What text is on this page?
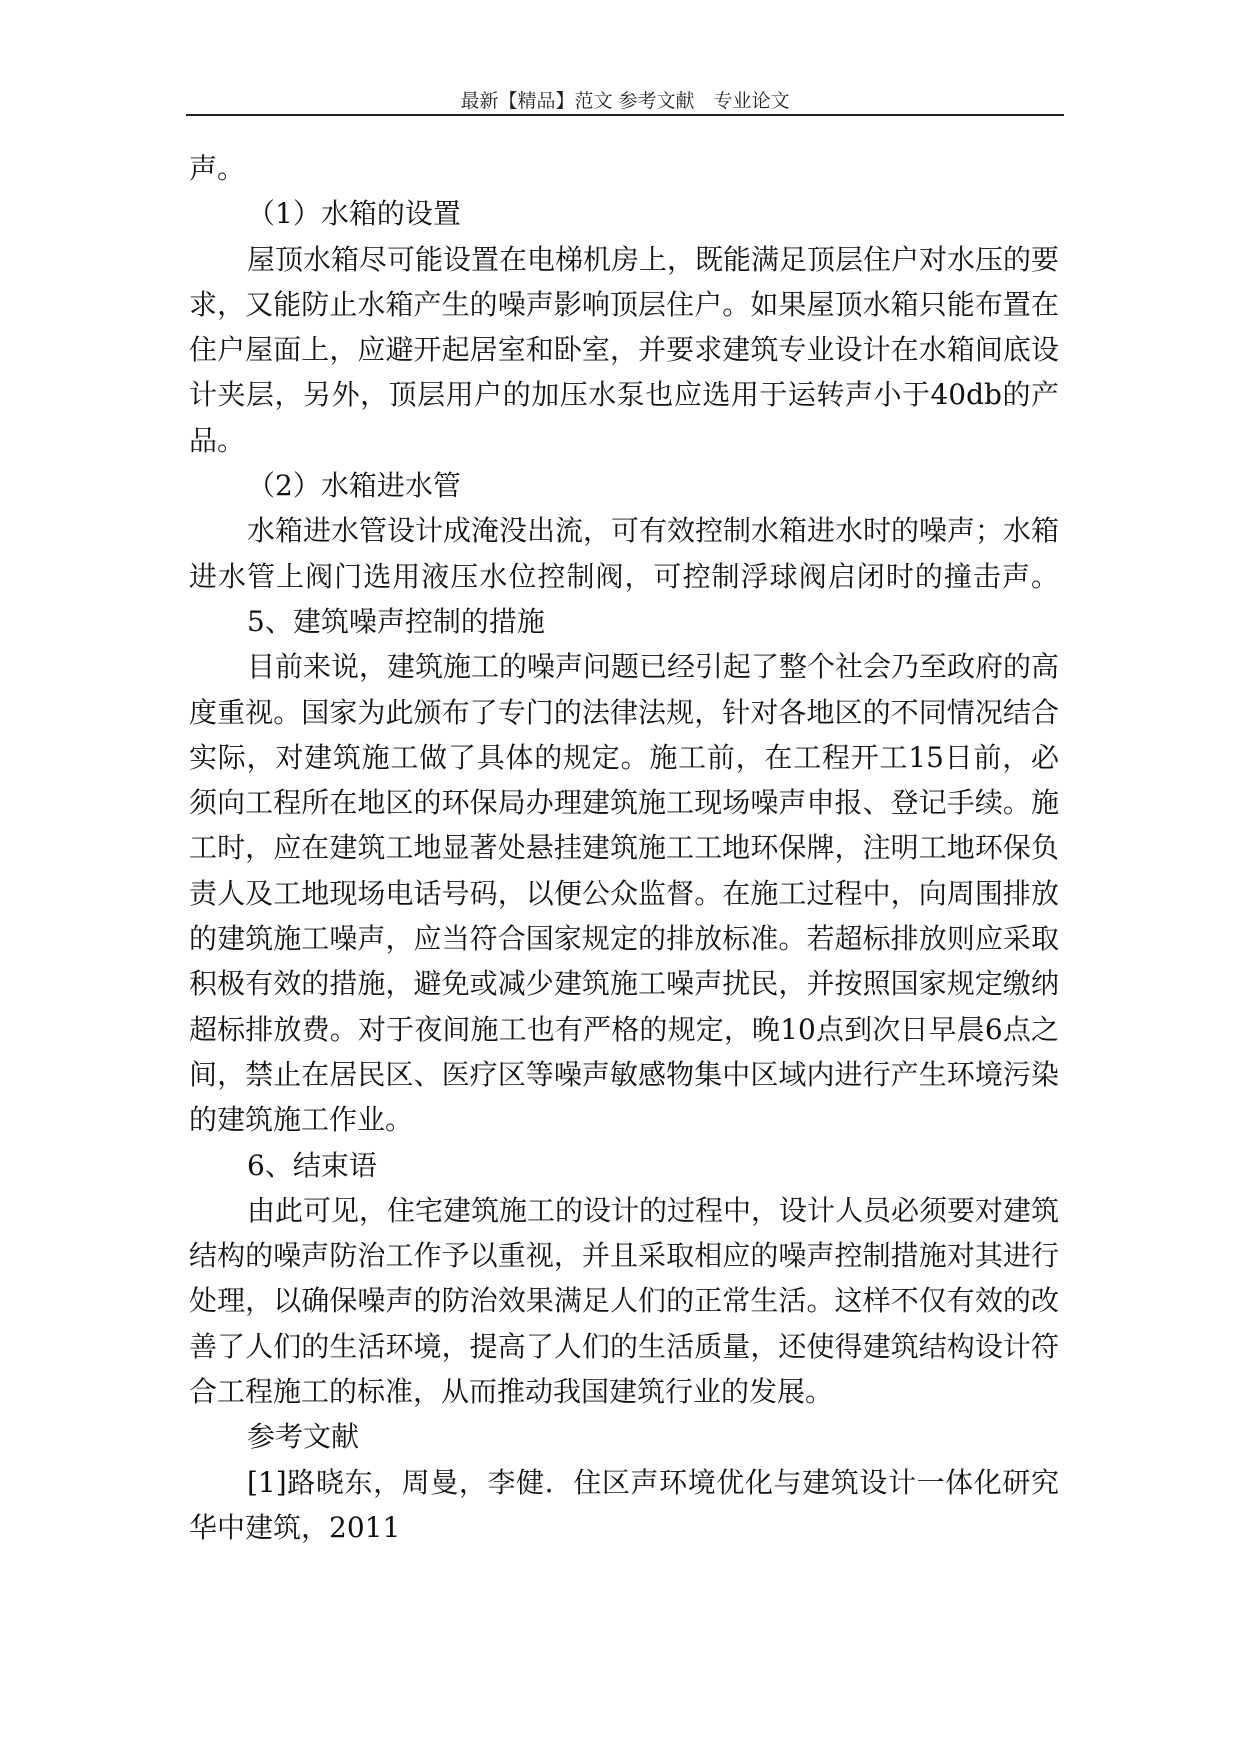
最新【精品】范文 参考文献　专业论文

声。

（1）水箱的设置

屋顶水箱尽可能设置在电梯机房上，既能满足顶层住户对水压的要求，又能防止水箱产生的噪声影响顶层住户。如果屋顶水箱只能布置在住户屋面上，应避开起居室和卧室，并要求建筑专业设计在水箱间底设计夹层，另外，顶层用户的加压水泵也应选用于运转声小于40db的产品。

（2）水箱进水管

水箱进水管设计成淹没出流，可有效控制水箱进水时的噪声；水箱进水管上阀门选用液压水位控制阀，可控制浮球阀启闭时的撞击声。

5、建筑噪声控制的措施

目前来说，建筑施工的噪声问题已经引起了整个社会乃至政府的高度重视。国家为此颁布了专门的法律法规，针对各地区的不同情况结合实际，对建筑施工做了具体的规定。施工前，在工程开工15日前，必须向工程所在地区的环保局办理建筑施工现场噪声申报、登记手续。施工时，应在建筑工地显著处悬挂建筑施工工地环保牌，注明工地环保负责人及工地现场电话号码，以便公众监督。在施工过程中，向周围排放的建筑施工噪声，应当符合国家规定的排放标准。若超标排放则应采取积极有效的措施，避免或减少建筑施工噪声扰民，并按照国家规定缴纳超标排放费。对于夜间施工也有严格的规定，晚10点到次日早晨6点之间，禁止在居民区、医疗区等噪声敏感物集中区域内进行产生环境污染的建筑施工作业。

6、结束语

由此可见，住宅建筑施工的设计的过程中，设计人员必须要对建筑结构的噪声防治工作予以重视，并且采取相应的噪声控制措施对其进行处理，以确保噪声的防治效果满足人们的正常生活。这样不仅有效的改善了人们的生活环境，提高了人们的生活质量，还使得建筑结构设计符合工程施工的标准，从而推动我国建筑行业的发展。

参考文献

[1]路晓东，周曼，李健．住区声环境优化与建筑设计一体化研究华中建筑，2011
